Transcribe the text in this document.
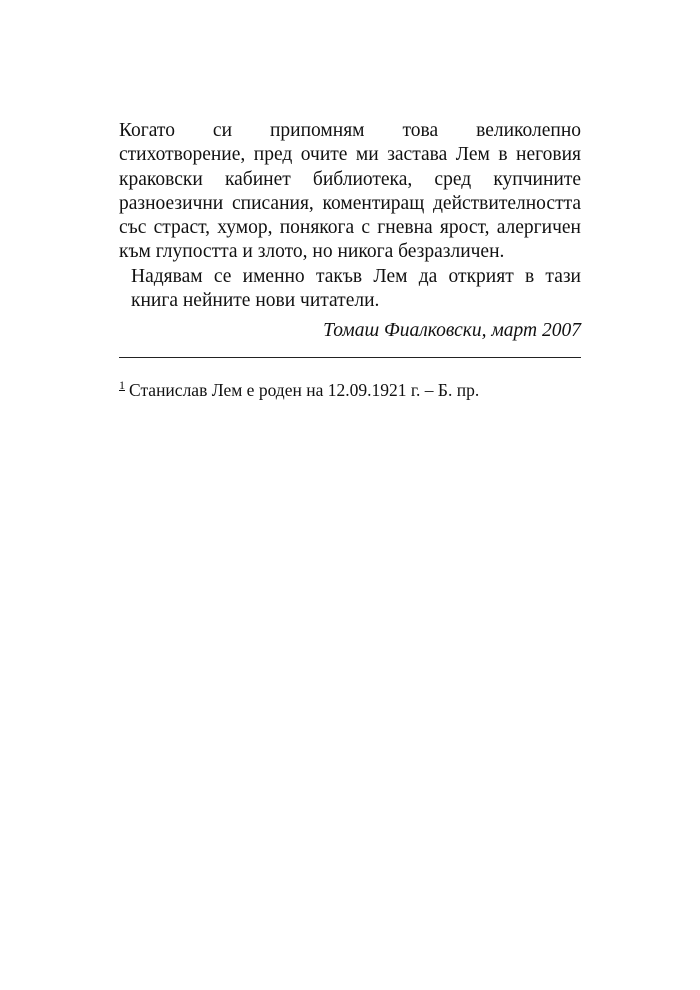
Когато си припомням това великолепно
стихотворение, пред очите ми застава Лем в неговия
краковски кабинет библиотека, сред купчините
разноезични списания, коментиращ действителността
със страст, хумор, понякога с гневна ярост, алергичен
към глупостта и злото, но никога безразличен.

Надявам се именно такъв Лем да открият в тази
книга нейните нови читатели.

Томаш Фиалковски, март 2007

$^1$ Станислав Лем е роден на 12.09.1921 г. – Б. пр.
